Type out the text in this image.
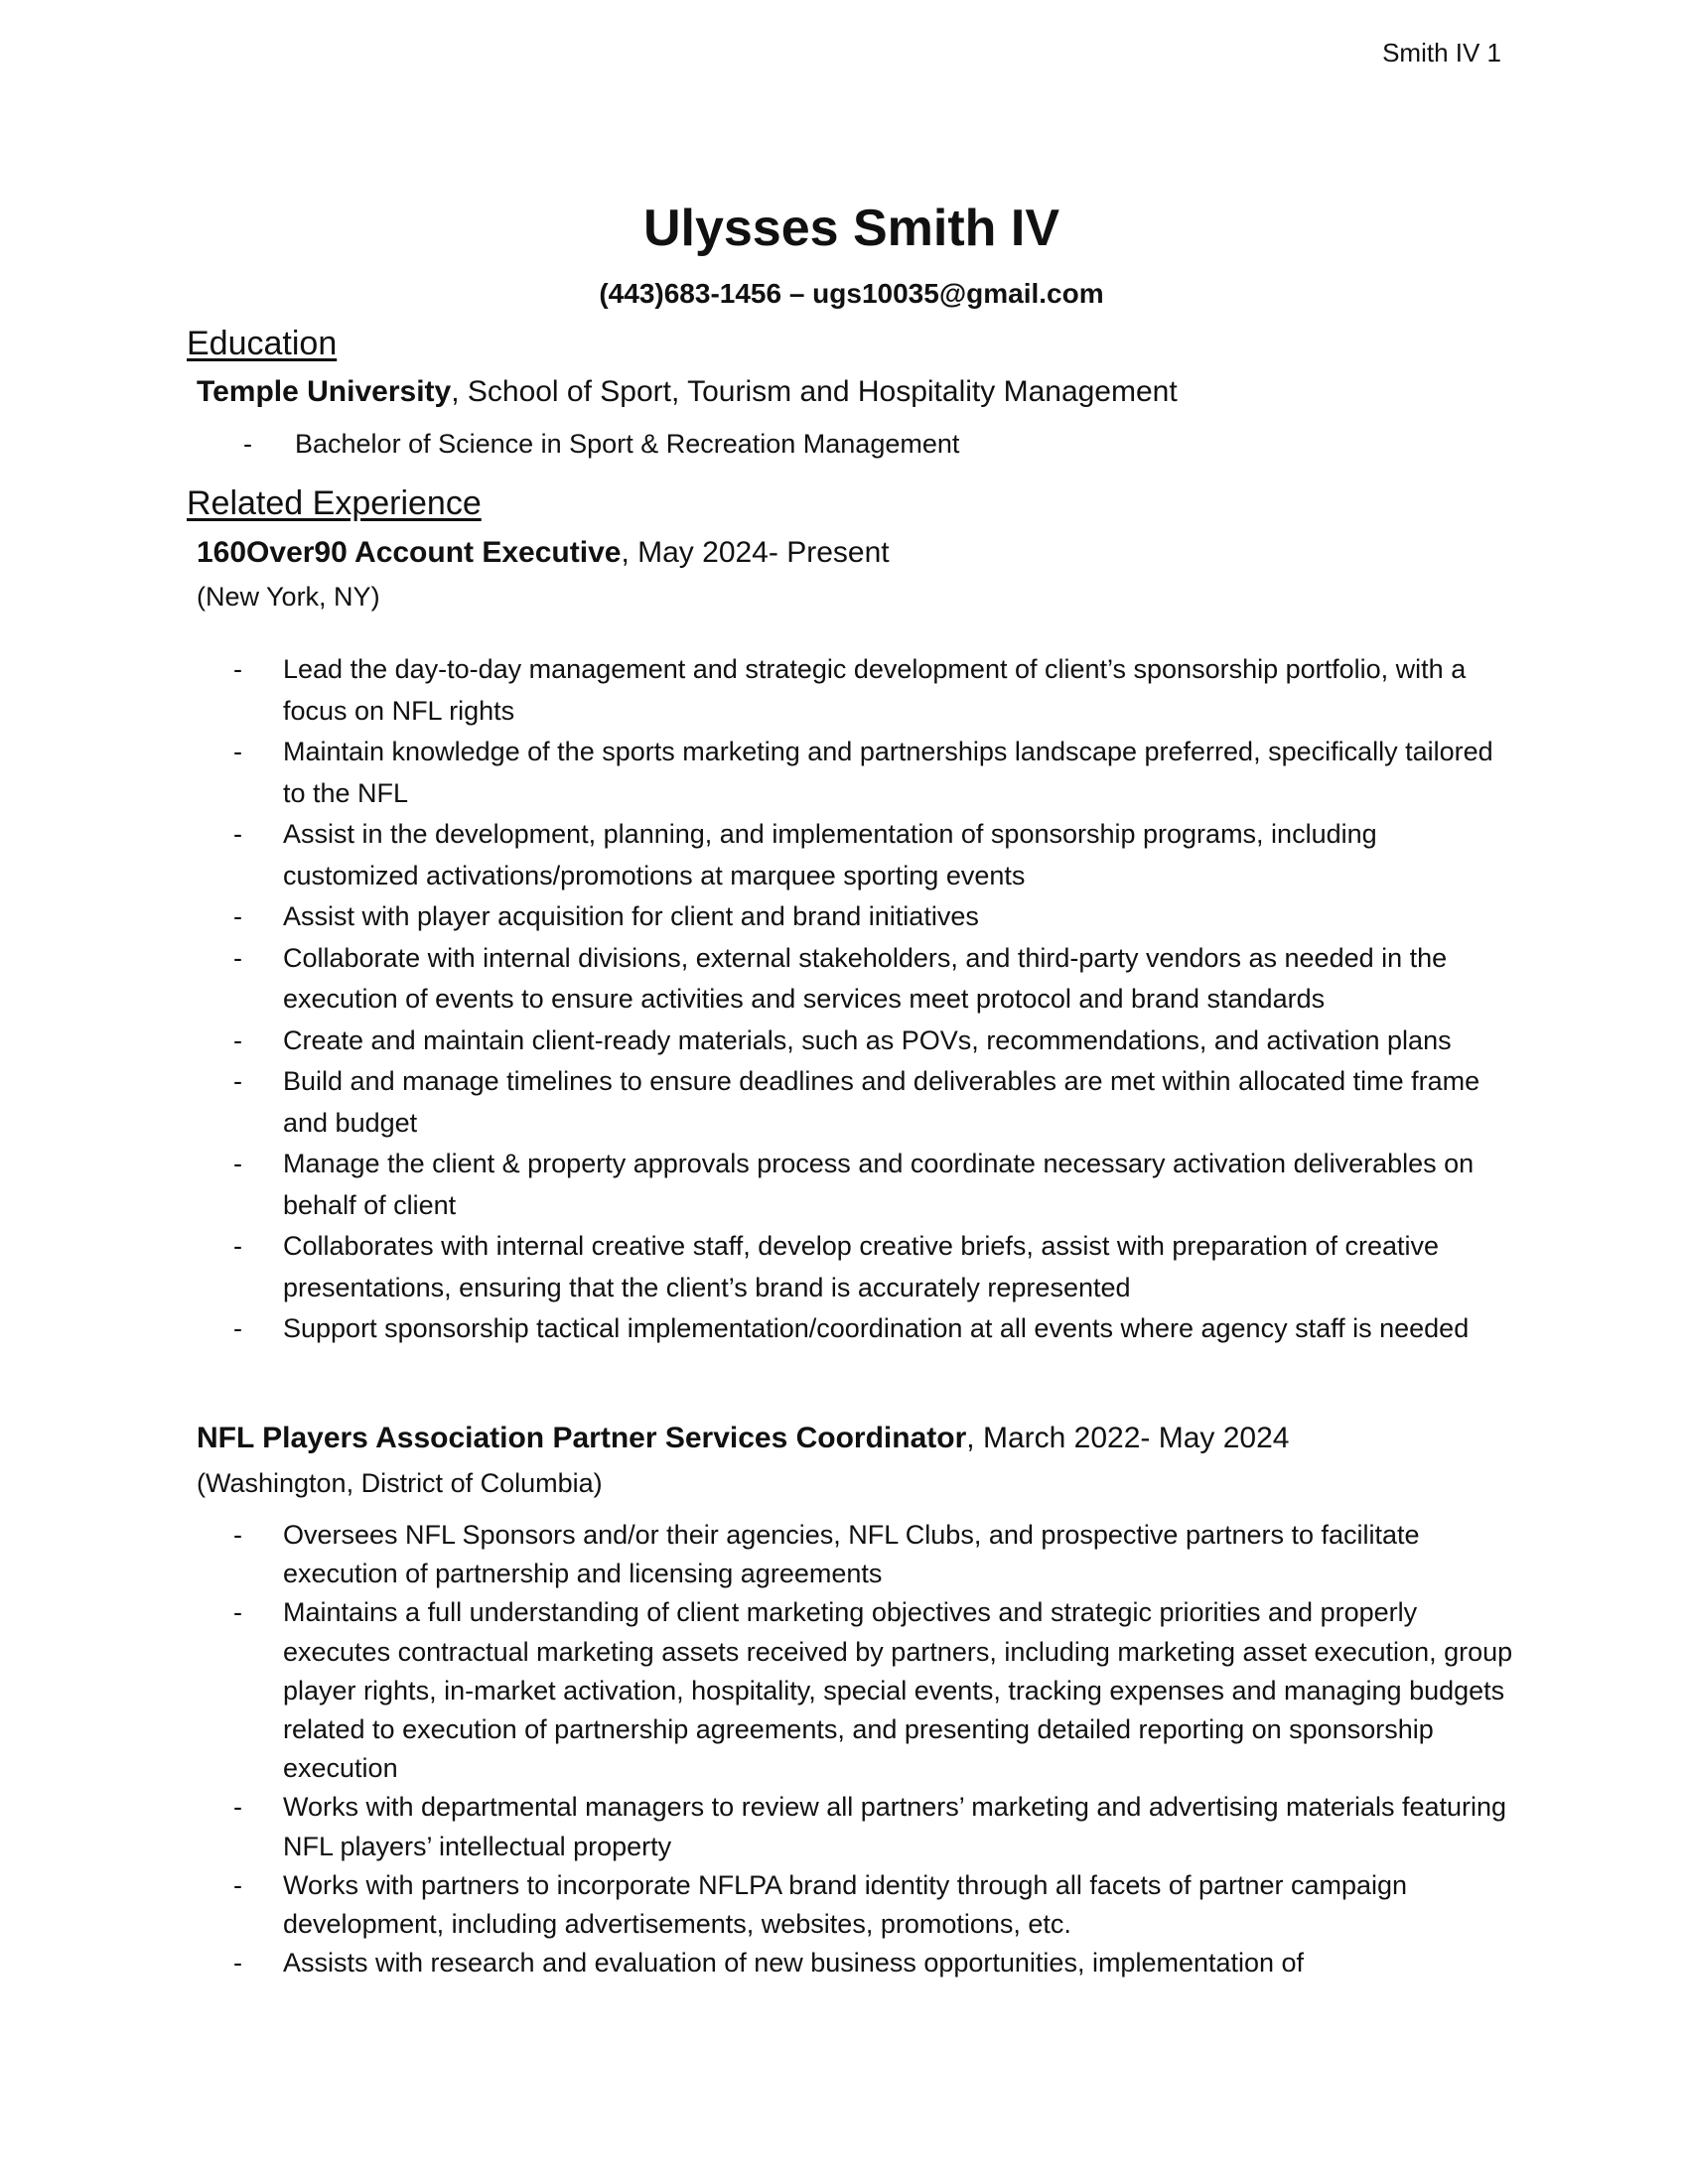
Smith IV 1
Ulysses Smith IV
(443)683-1456 – ugs10035@gmail.com
Education
Temple University, School of Sport, Tourism and Hospitality Management
- Bachelor of Science in Sport & Recreation Management
Related Experience
160Over90 Account Executive, May 2024- Present
(New York, NY)
- Lead the day-to-day management and strategic development of client’s sponsorship portfolio, with a focus on NFL rights
- Maintain knowledge of the sports marketing and partnerships landscape preferred, specifically tailored to the NFL
- Assist in the development, planning, and implementation of sponsorship programs, including customized activations/promotions at marquee sporting events
- Assist with player acquisition for client and brand initiatives
- Collaborate with internal divisions, external stakeholders, and third-party vendors as needed in the execution of events to ensure activities and services meet protocol and brand standards
- Create and maintain client-ready materials, such as POVs, recommendations, and activation plans
- Build and manage timelines to ensure deadlines and deliverables are met within allocated time frame and budget
- Manage the client & property approvals process and coordinate necessary activation deliverables on behalf of client
- Collaborates with internal creative staff, develop creative briefs, assist with preparation of creative presentations, ensuring that the client’s brand is accurately represented
- Support sponsorship tactical implementation/coordination at all events where agency staff is needed
NFL Players Association Partner Services Coordinator, March 2022- May 2024
(Washington, District of Columbia)
- Oversees NFL Sponsors and/or their agencies, NFL Clubs, and prospective partners to facilitate execution of partnership and licensing agreements
- Maintains a full understanding of client marketing objectives and strategic priorities and properly executes contractual marketing assets received by partners, including marketing asset execution, group player rights, in-market activation, hospitality, special events, tracking expenses and managing budgets related to execution of partnership agreements, and presenting detailed reporting on sponsorship execution
- Works with departmental managers to review all partners’ marketing and advertising materials featuring NFL players’ intellectual property
- Works with partners to incorporate NFLPA brand identity through all facets of partner campaign development, including advertisements, websites, promotions, etc.
- Assists with research and evaluation of new business opportunities, implementation of
